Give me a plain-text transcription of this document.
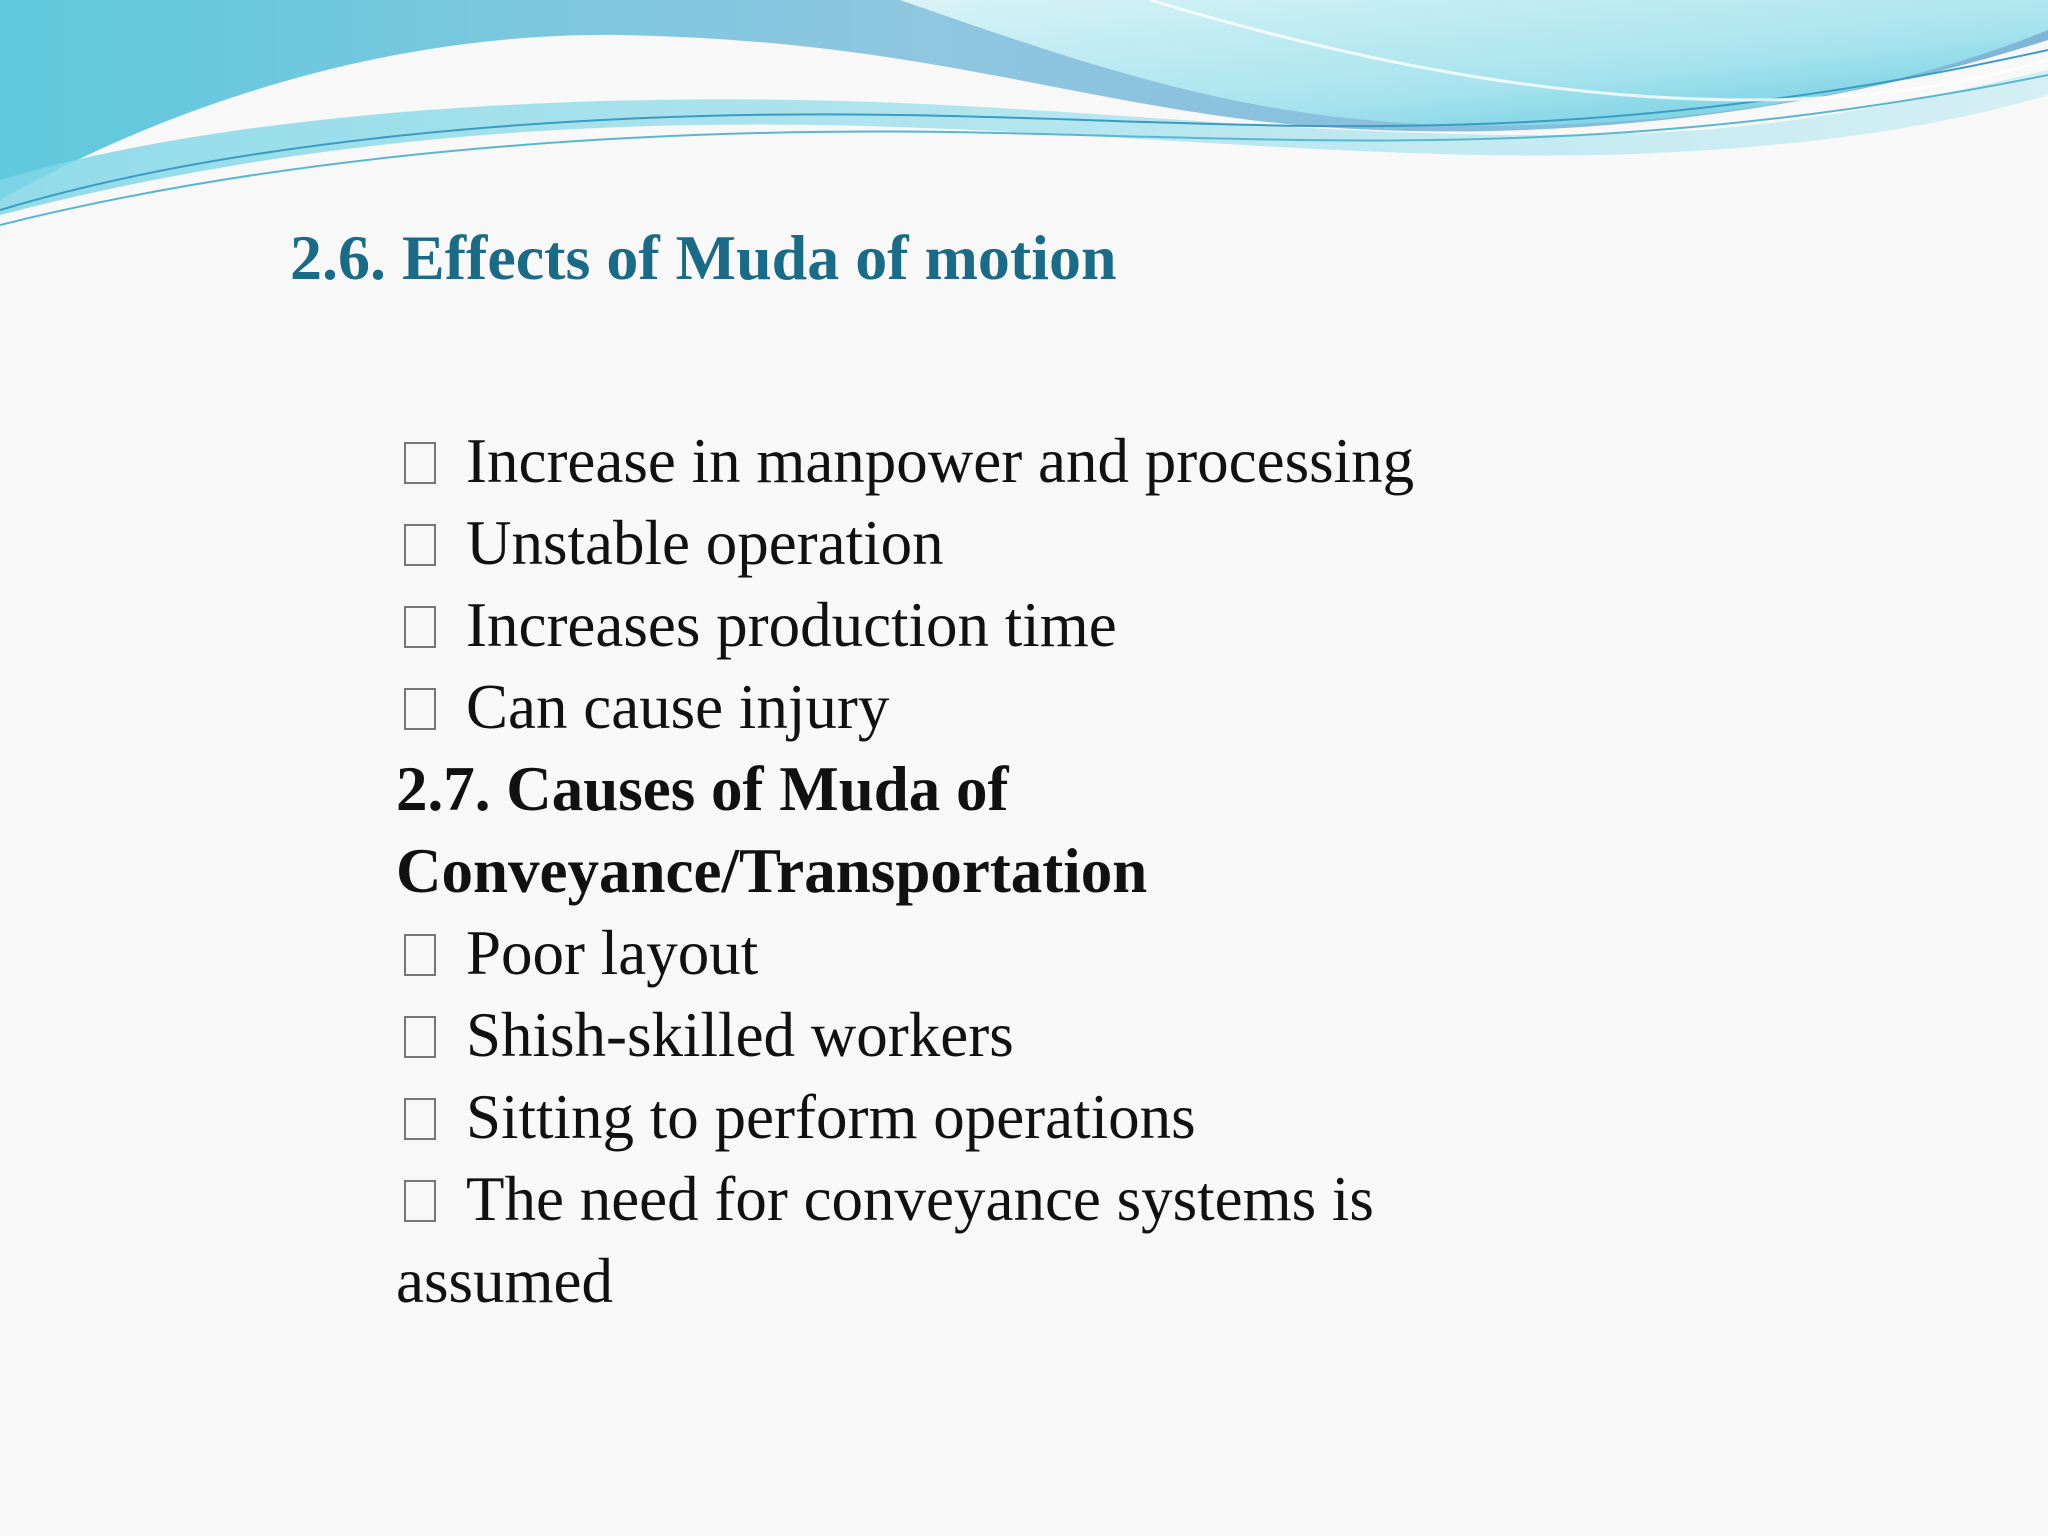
2.6. Effects of Muda of motion
Increase in manpower and processing
Unstable operation
Increases production time
Can cause injury
2.7. Causes of Muda of
Conveyance/Transportation
Poor layout
Shish-skilled workers
Sitting to perform operations
The need for conveyance systems is
assumed
